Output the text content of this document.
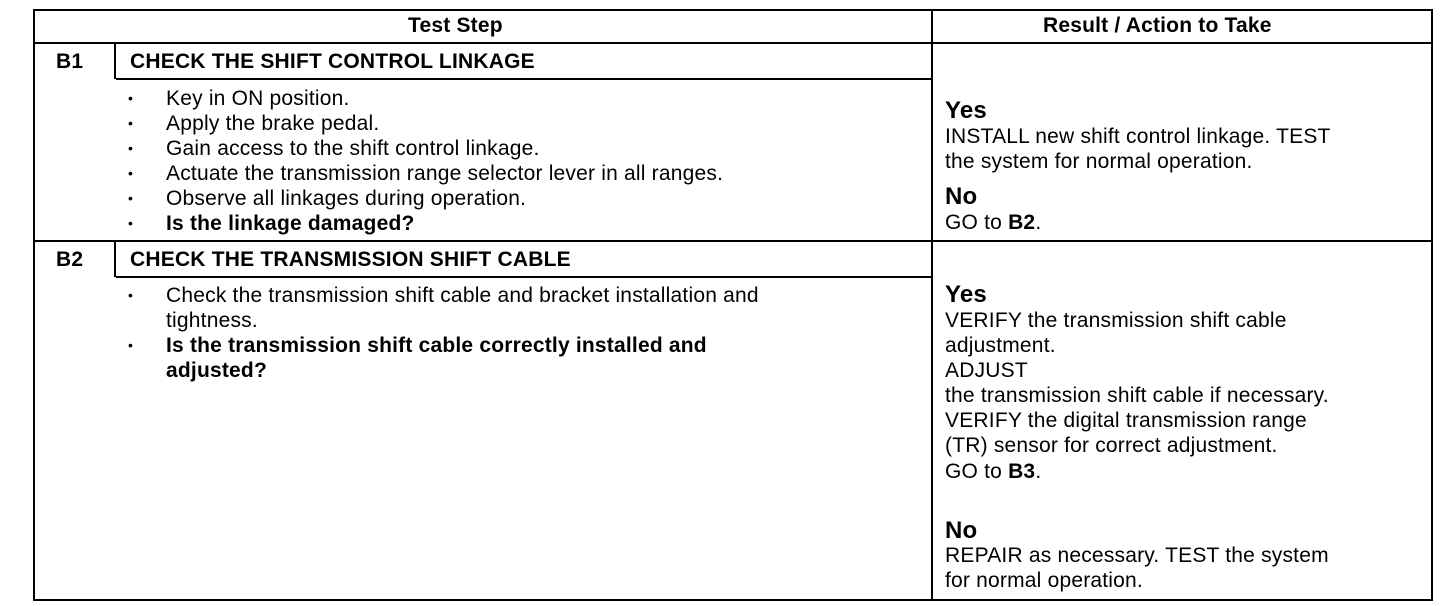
Test Step	Result / Action to Take
B1 CHECK THE SHIFT CONTROL LINKAGE
• Key in ON position.
• Apply the brake pedal.
• Gain access to the shift control linkage.
• Actuate the transmission range selector lever in all ranges.
• Observe all linkages during operation.
• Is the linkage damaged?
Yes
INSTALL new shift control linkage. TEST
the system for normal operation.
No
GO to B2.
B2 CHECK THE TRANSMISSION SHIFT CABLE
• Check the transmission shift cable and bracket installation and
tightness.
• Is the transmission shift cable correctly installed and
adjusted?
Yes
VERIFY the transmission shift cable
adjustment.
ADJUST
the transmission shift cable if necessary.
VERIFY the digital transmission range
(TR) sensor for correct adjustment.
GO to B3.
No
REPAIR as necessary. TEST the system
for normal operation.
